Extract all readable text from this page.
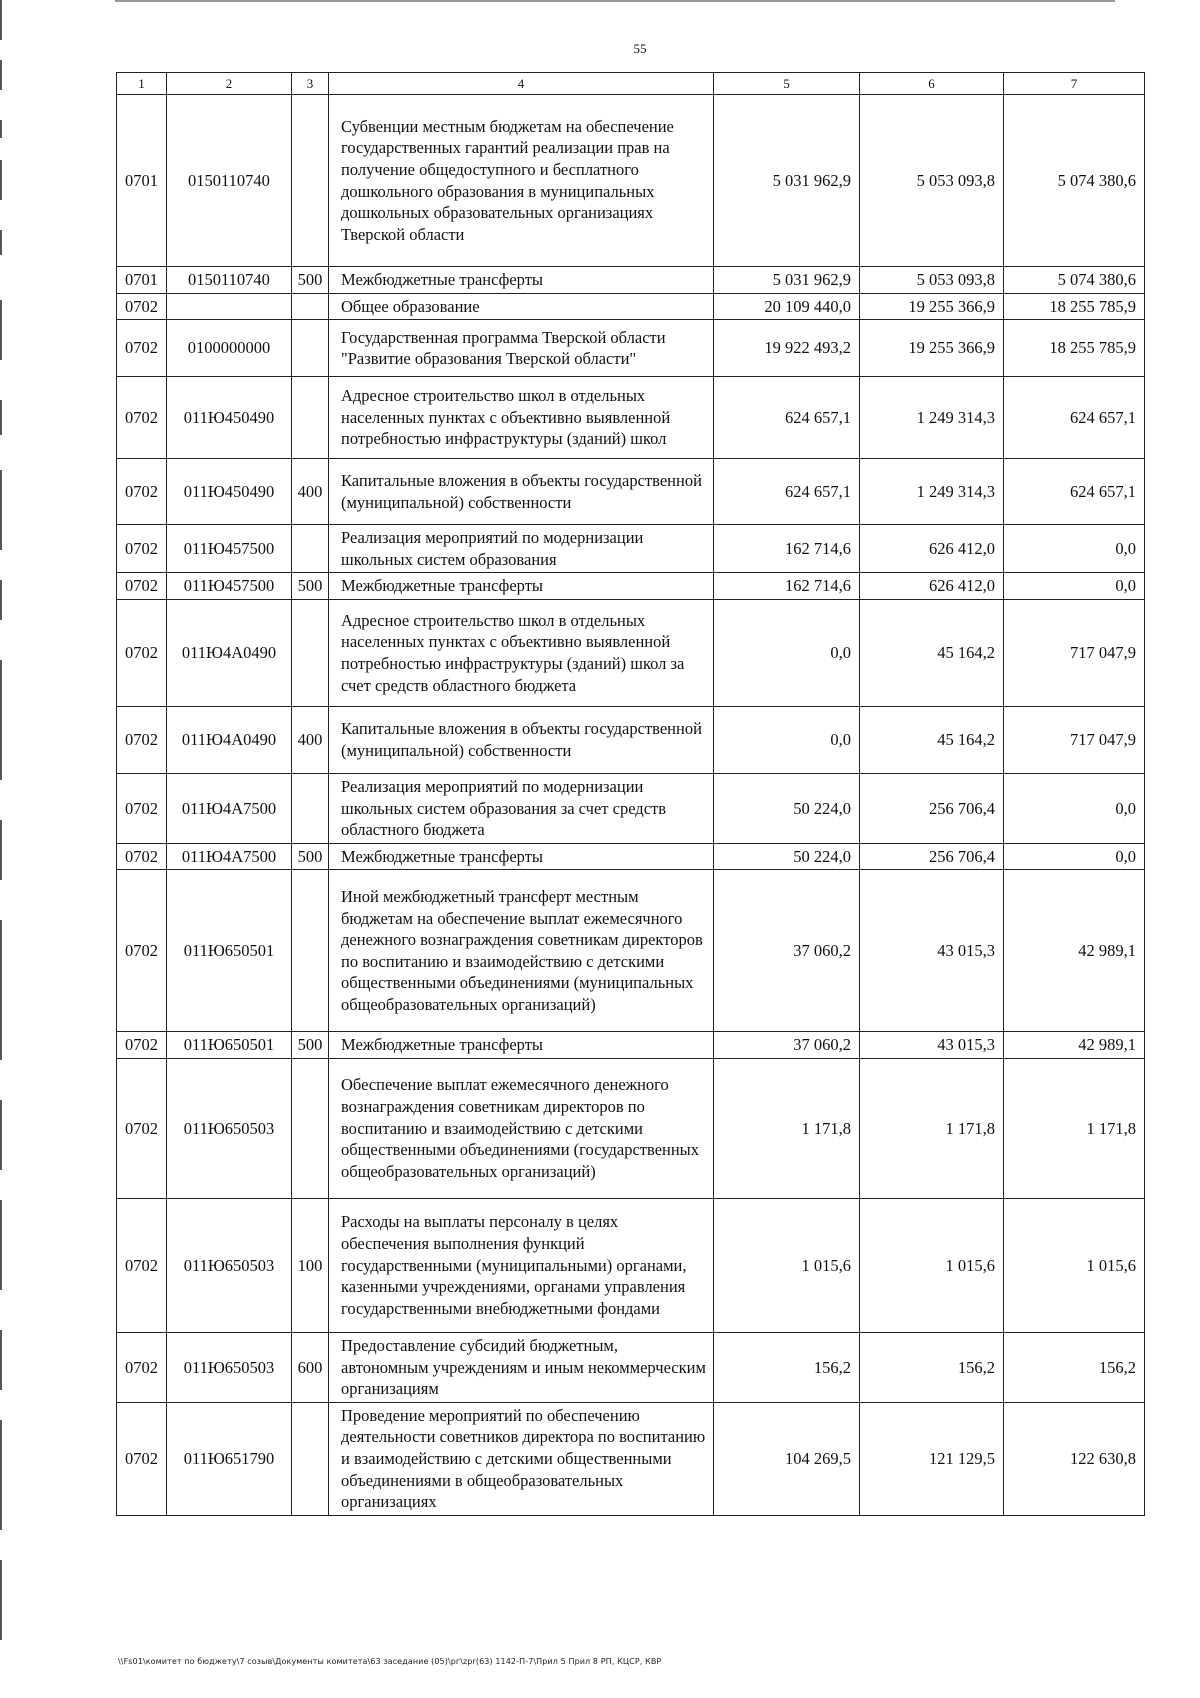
55
1	2	3	4	5	6	7
0701	0150110740		Субвенции местным бюджетам на обеспечение государственных гарантий реализации прав на получение общедоступного и бесплатного дошкольного образования в муниципальных дошкольных образовательных организациях Тверской области	5 031 962,9	5 053 093,8	5 074 380,6
0701	0150110740	500	Межбюджетные трансферты	5 031 962,9	5 053 093,8	5 074 380,6
0702			Общее образование	20 109 440,0	19 255 366,9	18 255 785,9
0702	0100000000		Государственная программа Тверской области "Развитие образования Тверской области"	19 922 493,2	19 255 366,9	18 255 785,9
0702	011Ю450490		Адресное строительство школ в отдельных населенных пунктах с объективно выявленной потребностью инфраструктуры (зданий) школ	624 657,1	1 249 314,3	624 657,1
0702	011Ю450490	400	Капитальные вложения в объекты государственной (муниципальной) собственности	624 657,1	1 249 314,3	624 657,1
0702	011Ю457500		Реализация мероприятий по модернизации школьных систем образования	162 714,6	626 412,0	0,0
0702	011Ю457500	500	Межбюджетные трансферты	162 714,6	626 412,0	0,0
0702	011Ю4А0490		Адресное строительство школ в отдельных населенных пунктах с объективно выявленной потребностью инфраструктуры (зданий) школ за счет средств областного бюджета	0,0	45 164,2	717 047,9
0702	011Ю4А0490	400	Капитальные вложения в объекты государственной (муниципальной) собственности	0,0	45 164,2	717 047,9
0702	011Ю4А7500		Реализация мероприятий по модернизации школьных систем образования за счет средств областного бюджета	50 224,0	256 706,4	0,0
0702	011Ю4А7500	500	Межбюджетные трансферты	50 224,0	256 706,4	0,0
0702	011Ю650501		Иной межбюджетный трансферт местным бюджетам на обеспечение выплат ежемесячного денежного вознаграждения советникам директоров по воспитанию и взаимодействию с детскими общественными объединениями (муниципальных общеобразовательных организаций)	37 060,2	43 015,3	42 989,1
0702	011Ю650501	500	Межбюджетные трансферты	37 060,2	43 015,3	42 989,1
0702	011Ю650503		Обеспечение выплат ежемесячного денежного вознаграждения советникам директоров по воспитанию и взаимодействию с детскими общественными объединениями (государственных общеобразовательных организаций)	1 171,8	1 171,8	1 171,8
0702	011Ю650503	100	Расходы на выплаты персоналу в целях обеспечения выполнения функций государственными (муниципальными) органами, казенными учреждениями, органами управления государственными внебюджетными фондами	1 015,6	1 015,6	1 015,6
0702	011Ю650503	600	Предоставление субсидий бюджетным, автономным учреждениям и иным некоммерческим организациям	156,2	156,2	156,2
0702	011Ю651790		Проведение мероприятий по обеспечению деятельности советников директора по воспитанию и взаимодействию с детскими общественными объединениями в общеобразовательных организациях	104 269,5	121 129,5	122 630,8
\\Fs01\комитет по бюджету\7 созыв\Документы комитета\63 заседание (05)\рг\zpr(63) 1142-П-7\Прил 5 Прил 8 РП, КЦСР, КВР
